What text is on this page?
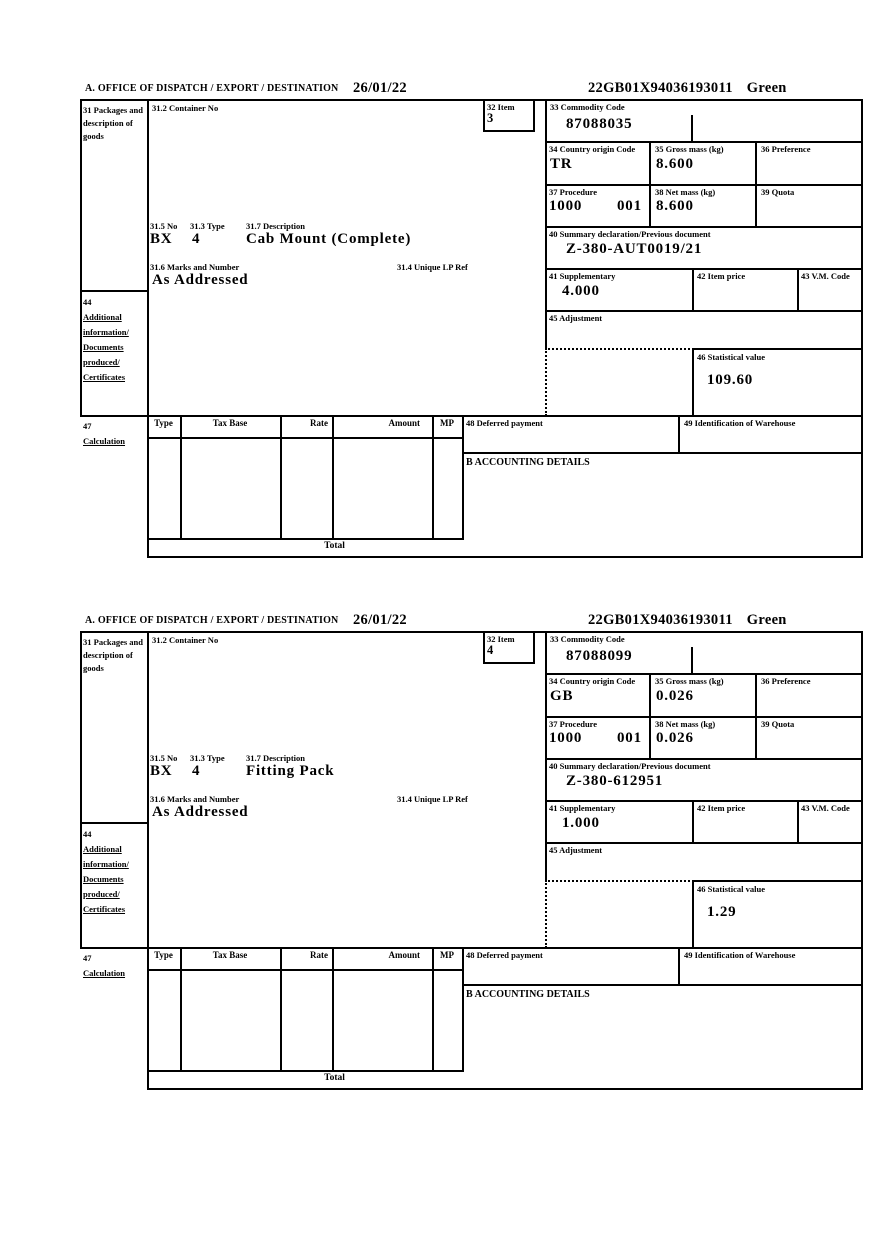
A. OFFICE OF DISPATCH / EXPORT / DESTINATION 26/01/22	22GB01X94036193011 Green
31 Packages and description of goods
44
Additional
information/
Documents
produced/
Certificates
47
Calculation
31.2 Container No	32 Item
3
31.5 No 31.3 Type	31.7 Description
BX 4	Cab Mount (Complete)
31.6 Marks and Number	31.4 Unique LP Ref
As Addressed
33 Commodity Code
87088035
34 Country origin Code
TR
35 Gross mass (kg)
8.600
36 Preference
37 Procedure
1000 001
38 Net mass (kg)
8.600
39 Quota
40 Summary declaration/Previous document
Z-380-AUT0019/21
41 Supplementary
4.000
42 Item price	43 V.M. Code
45 Adjustment
46 Statistical value
109.60
Type	Tax Base	Rate	Amount	MP
Total
48 Deferred payment	49 Identification of Warehouse
B ACCOUNTING DETAILS
A. OFFICE OF DISPATCH / EXPORT / DESTINATION 26/01/22	22GB01X94036193011 Green
31 Packages and description of goods
44
Additional
information/
Documents
produced/
Certificates
47
Calculation
31.2 Container No	32 Item
4
31.5 No 31.3 Type	31.7 Description
BX 4	Fitting Pack
31.6 Marks and Number	31.4 Unique LP Ref
As Addressed
33 Commodity Code
87088099
34 Country origin Code
GB
35 Gross mass (kg)
0.026
36 Preference
37 Procedure
1000 001
38 Net mass (kg)
0.026
39 Quota
40 Summary declaration/Previous document
Z-380-612951
41 Supplementary
1.000
42 Item price	43 V.M. Code
45 Adjustment
46 Statistical value
1.29
Type	Tax Base	Rate	Amount	MP
Total
48 Deferred payment	49 Identification of Warehouse
B ACCOUNTING DETAILS
